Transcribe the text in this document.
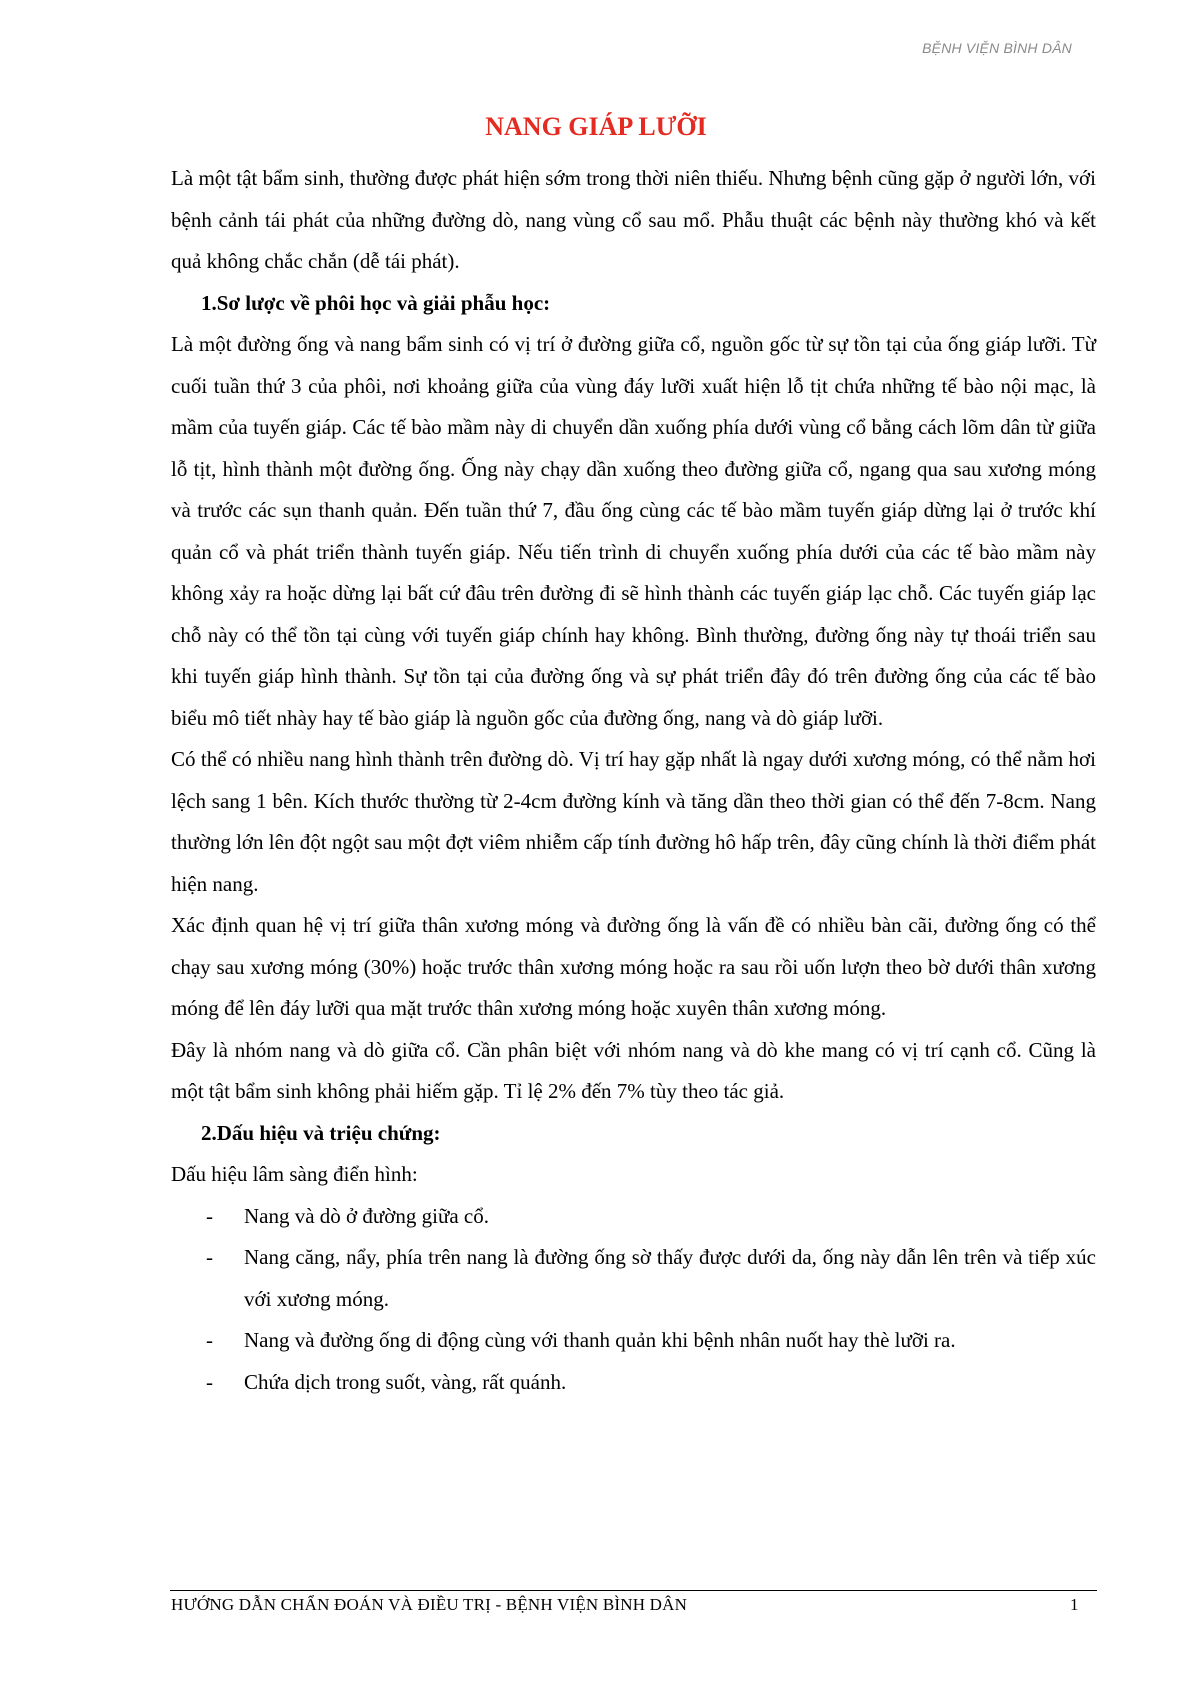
BỆNH VIỆN BÌNH DÂN
NANG GIÁP LƯỠI

Là một tật bẩm sinh, thường được phát hiện sớm trong thời niên thiếu. Nhưng bệnh cũng gặp ở người lớn, với bệnh cảnh tái phát của những đường dò, nang vùng cổ sau mổ. Phẫu thuật các bệnh này thường khó và kết quả không chắc chắn (dễ tái phát).

1.Sơ lược về phôi học và giải phẫu học:

Là một đường ống và nang bẩm sinh có vị trí ở đường giữa cổ, nguồn gốc từ sự tồn tại của ống giáp lưỡi. Từ cuối tuần thứ 3 của phôi, nơi khoảng giữa của vùng đáy lưỡi xuất hiện lỗ tịt chứa những tế bào nội mạc, là mầm của tuyến giáp. Các tế bào mầm này di chuyển dần xuống phía dưới vùng cổ bằng cách lõm dân từ giữa lỗ tịt, hình thành một đường ống. Ống này chạy dần xuống theo đường giữa cổ, ngang qua sau xương móng và trước các sụn thanh quản. Đến tuần thứ 7, đầu ống cùng các tế bào mầm tuyến giáp dừng lại ở trước khí quản cổ và phát triển thành tuyến giáp. Nếu tiến trình di chuyển xuống phía dưới của các tế bào mầm này không xảy ra hoặc dừng lại bất cứ đâu trên đường đi sẽ hình thành các tuyến giáp lạc chỗ. Các tuyến giáp lạc chỗ này có thể tồn tại cùng với tuyến giáp chính hay không. Bình thường, đường ống này tự thoái triển sau khi tuyến giáp hình thành. Sự tồn tại của đường ống và sự phát triển đây đó trên đường ống của các tế bào biểu mô tiết nhày hay tế bào giáp là nguồn gốc của đường ống, nang và dò giáp lưỡi.

Có thể có nhiều nang hình thành trên đường dò. Vị trí hay gặp nhất là ngay dưới xương móng, có thể nằm hơi lệch sang 1 bên. Kích thước thường từ 2-4cm đường kính và tăng dần theo thời gian có thể đến 7-8cm. Nang thường lớn lên đột ngột sau một đợt viêm nhiễm cấp tính đường hô hấp trên, đây cũng chính là thời điểm phát hiện nang.

Xác định quan hệ vị trí giữa thân xương móng và đường ống là vấn đề có nhiều bàn cãi, đường ống có thể chạy sau xương móng (30%) hoặc trước thân xương móng hoặc ra sau rồi uốn lượn theo bờ dưới thân xương móng để lên đáy lưỡi qua mặt trước thân xương móng hoặc xuyên thân xương móng.

Đây là nhóm nang và dò giữa cổ. Cần phân biệt với nhóm nang và dò khe mang có vị trí cạnh cổ. Cũng là một tật bẩm sinh không phải hiếm gặp. Tỉ lệ 2% đến 7% tùy theo tác giả.

2.Dấu hiệu và triệu chứng:

Dấu hiệu lâm sàng điển hình:

- Nang và dò ở đường giữa cổ.
- Nang căng, nẩy, phía trên nang là đường ống sờ thấy được dưới da, ống này dẫn lên trên và tiếp xúc với xương móng.
- Nang và đường ống di động cùng với thanh quản khi bệnh nhân nuốt hay thè lưỡi ra.
- Chứa dịch trong suốt, vàng, rất quánh.
HƯỚNG DẪN CHẨN ĐOÁN VÀ ĐIỀU TRỊ - BỆNH VIỆN BÌNH DÂN	1
